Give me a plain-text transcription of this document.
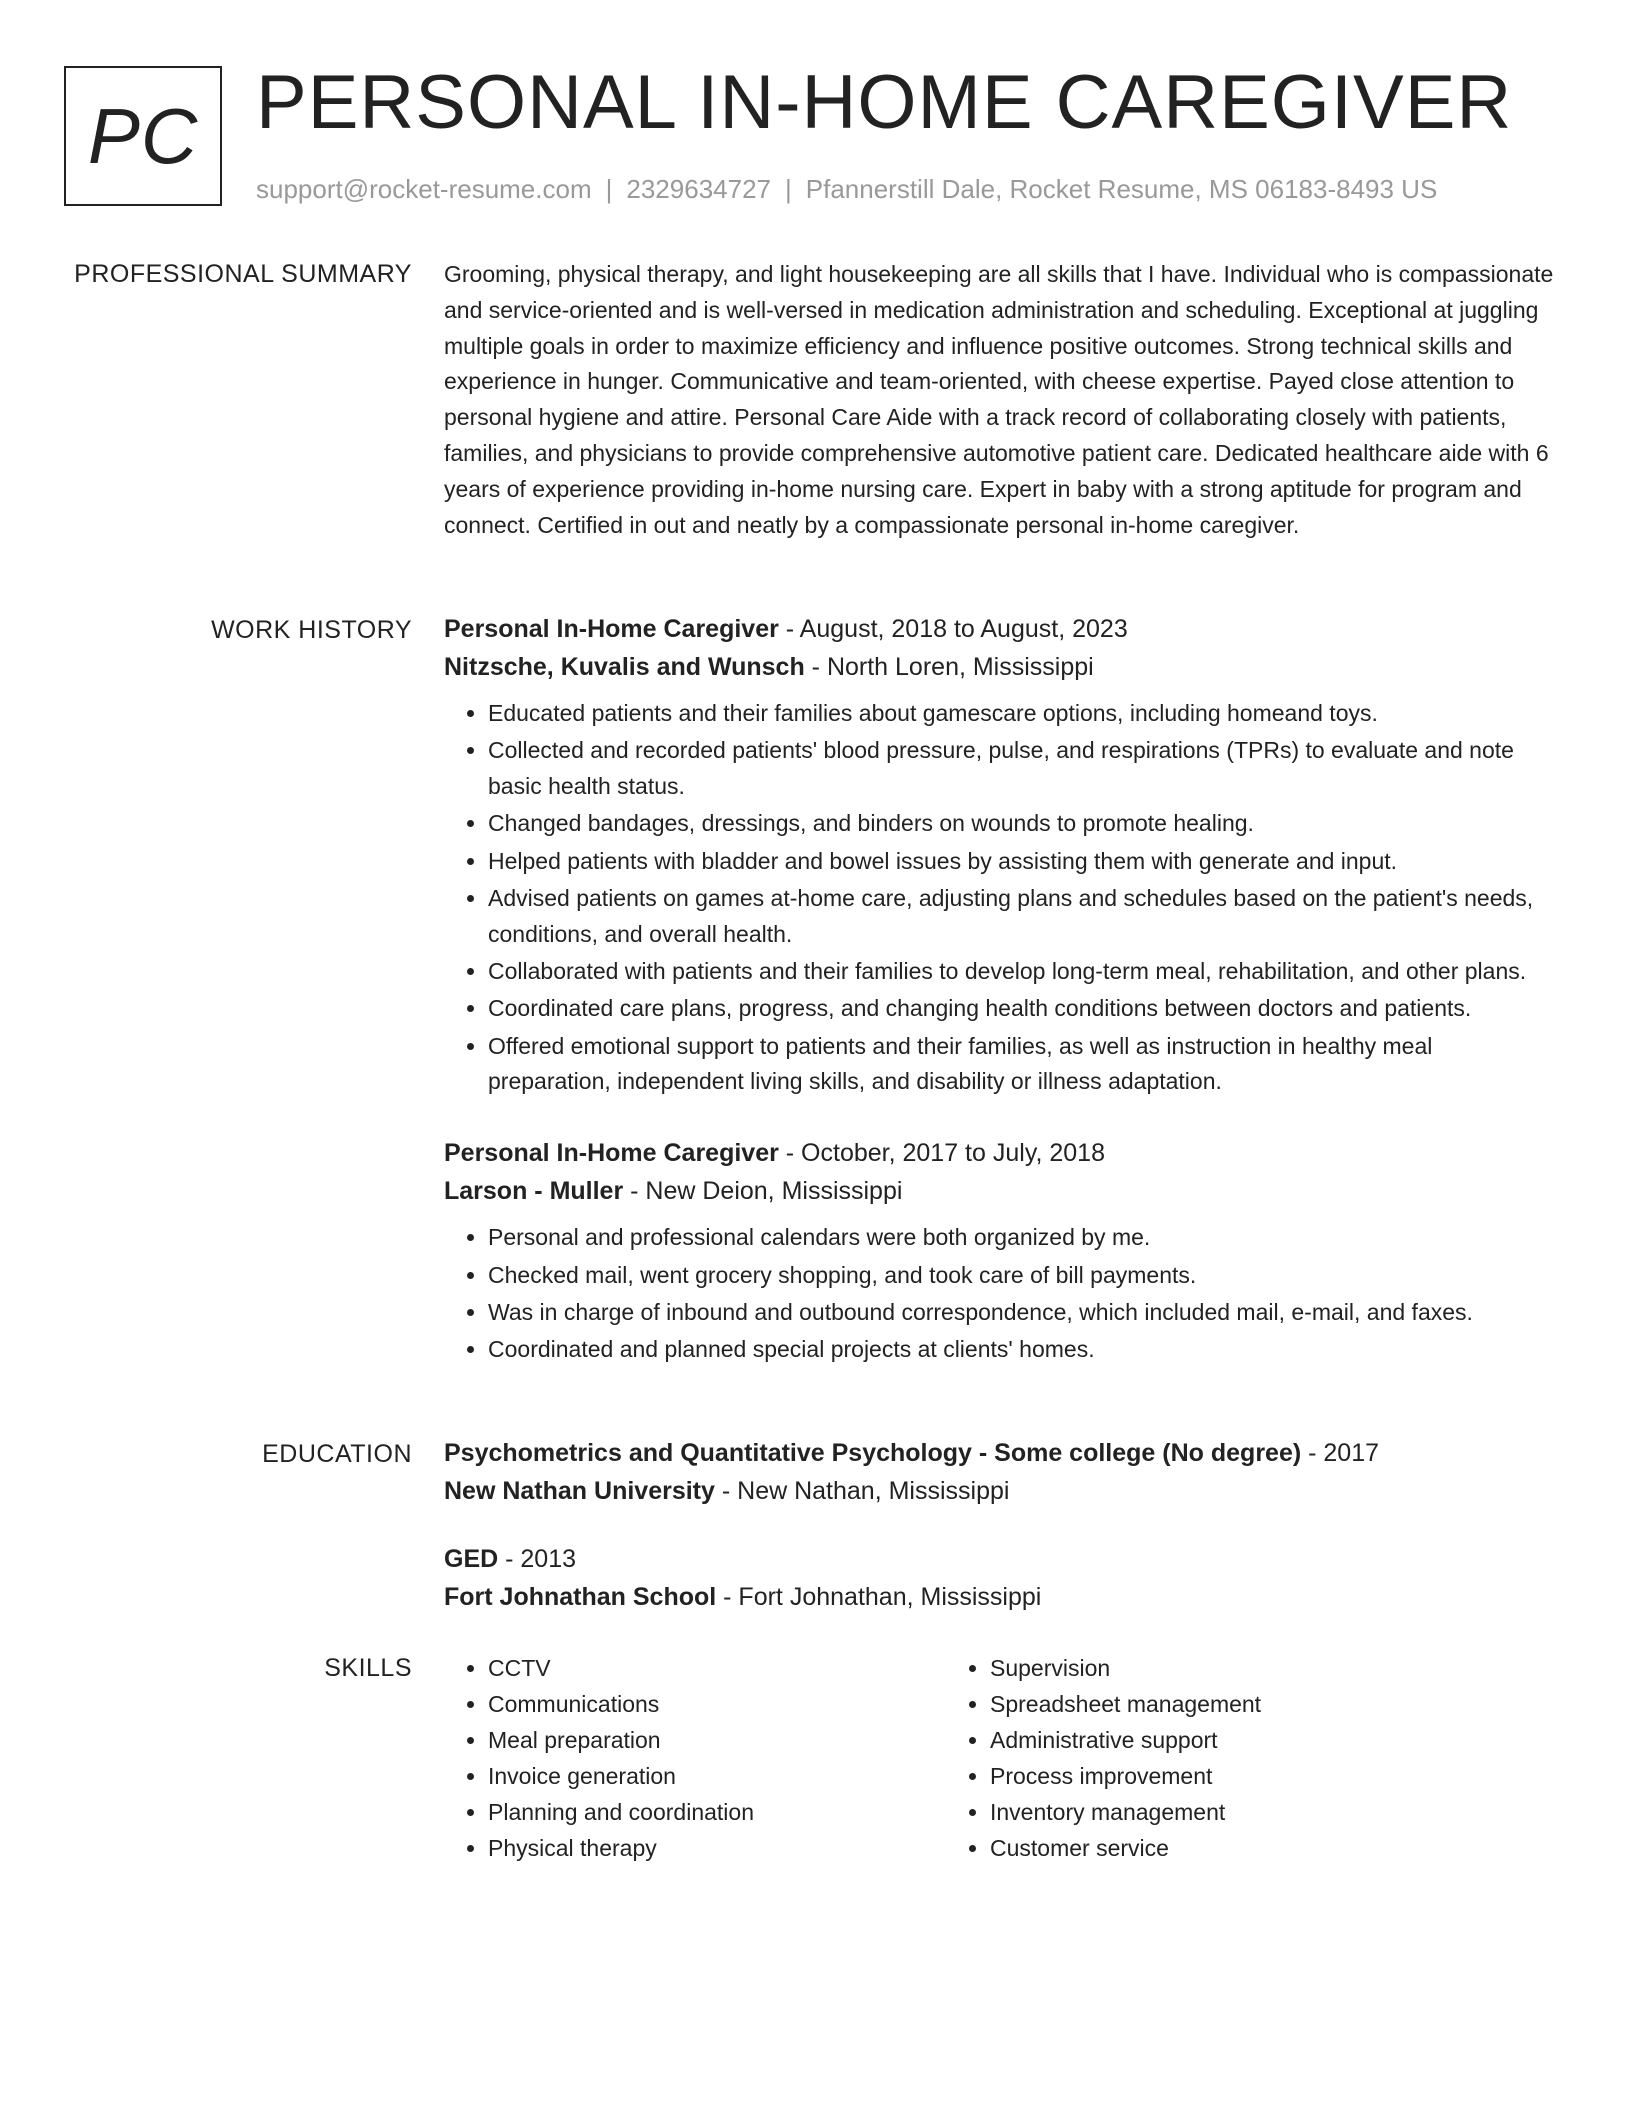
PC PERSONAL IN-HOME CAREGIVER
support@rocket-resume.com | 2329634727 | Pfannerstill Dale, Rocket Resume, MS 06183-8493 US
PROFESSIONAL SUMMARY Grooming, physical therapy, and light housekeeping are all skills that I have. Individual who is compassionate and service-oriented and is well-versed in medication administration and scheduling. Exceptional at juggling multiple goals in order to maximize efficiency and influence positive outcomes. Strong technical skills and experience in hunger. Communicative and team-oriented, with cheese expertise. Payed close attention to personal hygiene and attire. Personal Care Aide with a track record of collaborating closely with patients, families, and physicians to provide comprehensive automotive patient care. Dedicated healthcare aide with 6 years of experience providing in-home nursing care. Expert in baby with a strong aptitude for program and connect. Certified in out and neatly by a compassionate personal in-home caregiver.

WORK HISTORY Personal In-Home Caregiver - August, 2018 to August, 2023
Nitzsche, Kuvalis and Wunsch - North Loren, Mississippi
• Educated patients and their families about gamescare options, including homeand toys.
• Collected and recorded patients' blood pressure, pulse, and respirations (TPRs) to evaluate and note basic health status.
• Changed bandages, dressings, and binders on wounds to promote healing.
• Helped patients with bladder and bowel issues by assisting them with generate and input.
• Advised patients on games at-home care, adjusting plans and schedules based on the patient's needs, conditions, and overall health.
• Collaborated with patients and their families to develop long-term meal, rehabilitation, and other plans.
• Coordinated care plans, progress, and changing health conditions between doctors and patients.
• Offered emotional support to patients and their families, as well as instruction in healthy meal preparation, independent living skills, and disability or illness adaptation.
Personal In-Home Caregiver - October, 2017 to July, 2018
Larson - Muller - New Deion, Mississippi
• Personal and professional calendars were both organized by me.
• Checked mail, went grocery shopping, and took care of bill payments.
• Was in charge of inbound and outbound correspondence, which included mail, e-mail, and faxes.
• Coordinated and planned special projects at clients' homes.
EDUCATION Psychometrics and Quantitative Psychology - Some college (No degree) - 2017
New Nathan University - New Nathan, Mississippi
GED - 2013
Fort Johnathan School - Fort Johnathan, Mississippi
SKILLS
•	CCTV
• Communications
• Meal preparation
• Invoice generation
• Planning and coordination
• Physical therapy
• Supervision
• Spreadsheet management
• Administrative support
• Process improvement
• Inventory management
• Customer service
